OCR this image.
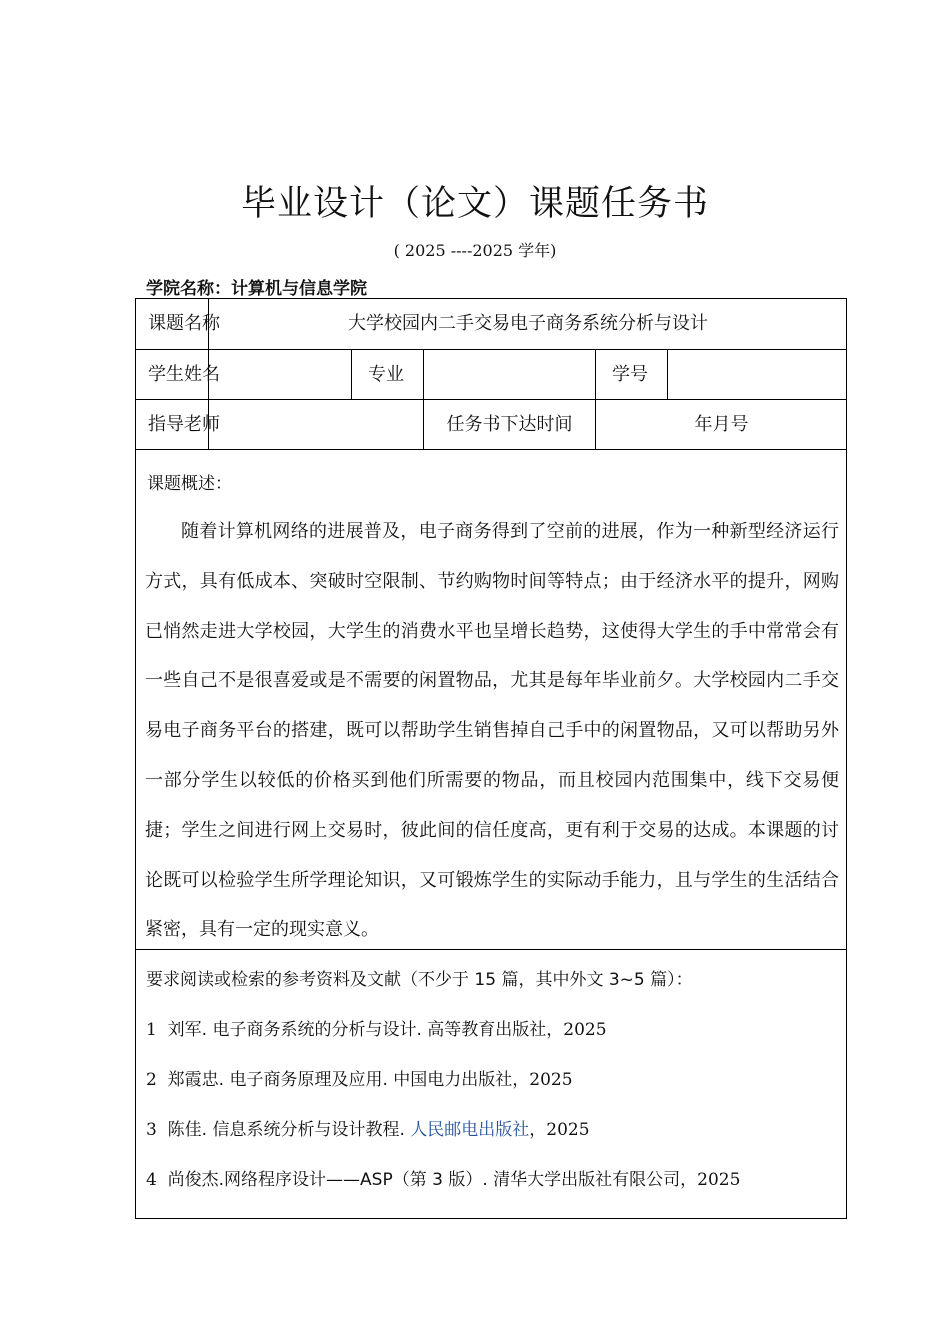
毕业设计（论文）课题任务书
( 2025 ----2025 学年)
学院名称：计算机与信息学院
课题名称	大学校园内二手交易电子商务系统分析与设计
学生姓名	专业	学号
指导老师	任务书下达时间	年月号
课题概述：

随着计算机网络的进展普及，电子商务得到了空前的进展，作为一种新型经济运行方式，具有低成本、突破时空限制、节约购物时间等特点；由于经济水平的提升，网购已悄然走进大学校园，大学生的消费水平也呈增长趋势，这使得大学生的手中常常会有一些自己不是很喜爱或是不需要的闲置物品，尤其是每年毕业前夕。大学校园内二手交易电子商务平台的搭建，既可以帮助学生销售掉自己手中的闲置物品，又可以帮助另外一部分学生以较低的价格买到他们所需要的物品，而且校园内范围集中，线下交易便捷；学生之间进行网上交易时，彼此间的信任度高，更有利于交易的达成。本课题的讨论既可以检验学生所学理论知识，又可锻炼学生的实际动手能力，且与学生的生活结合紧密，具有一定的现实意义。

要求阅读或检索的参考资料及文献（不少于 15 篇，其中外文 3~5 篇）：
1 刘军. 电子商务系统的分析与设计. 高等教育出版社，2025
2 郑霞忠. 电子商务原理及应用. 中国电力出版社，2025
3 陈佳. 信息系统分析与设计教程. 人民邮电出版社，2025
4 尚俊杰.网络程序设计——ASP（第 3 版）. 清华大学出版社有限公司，2025
